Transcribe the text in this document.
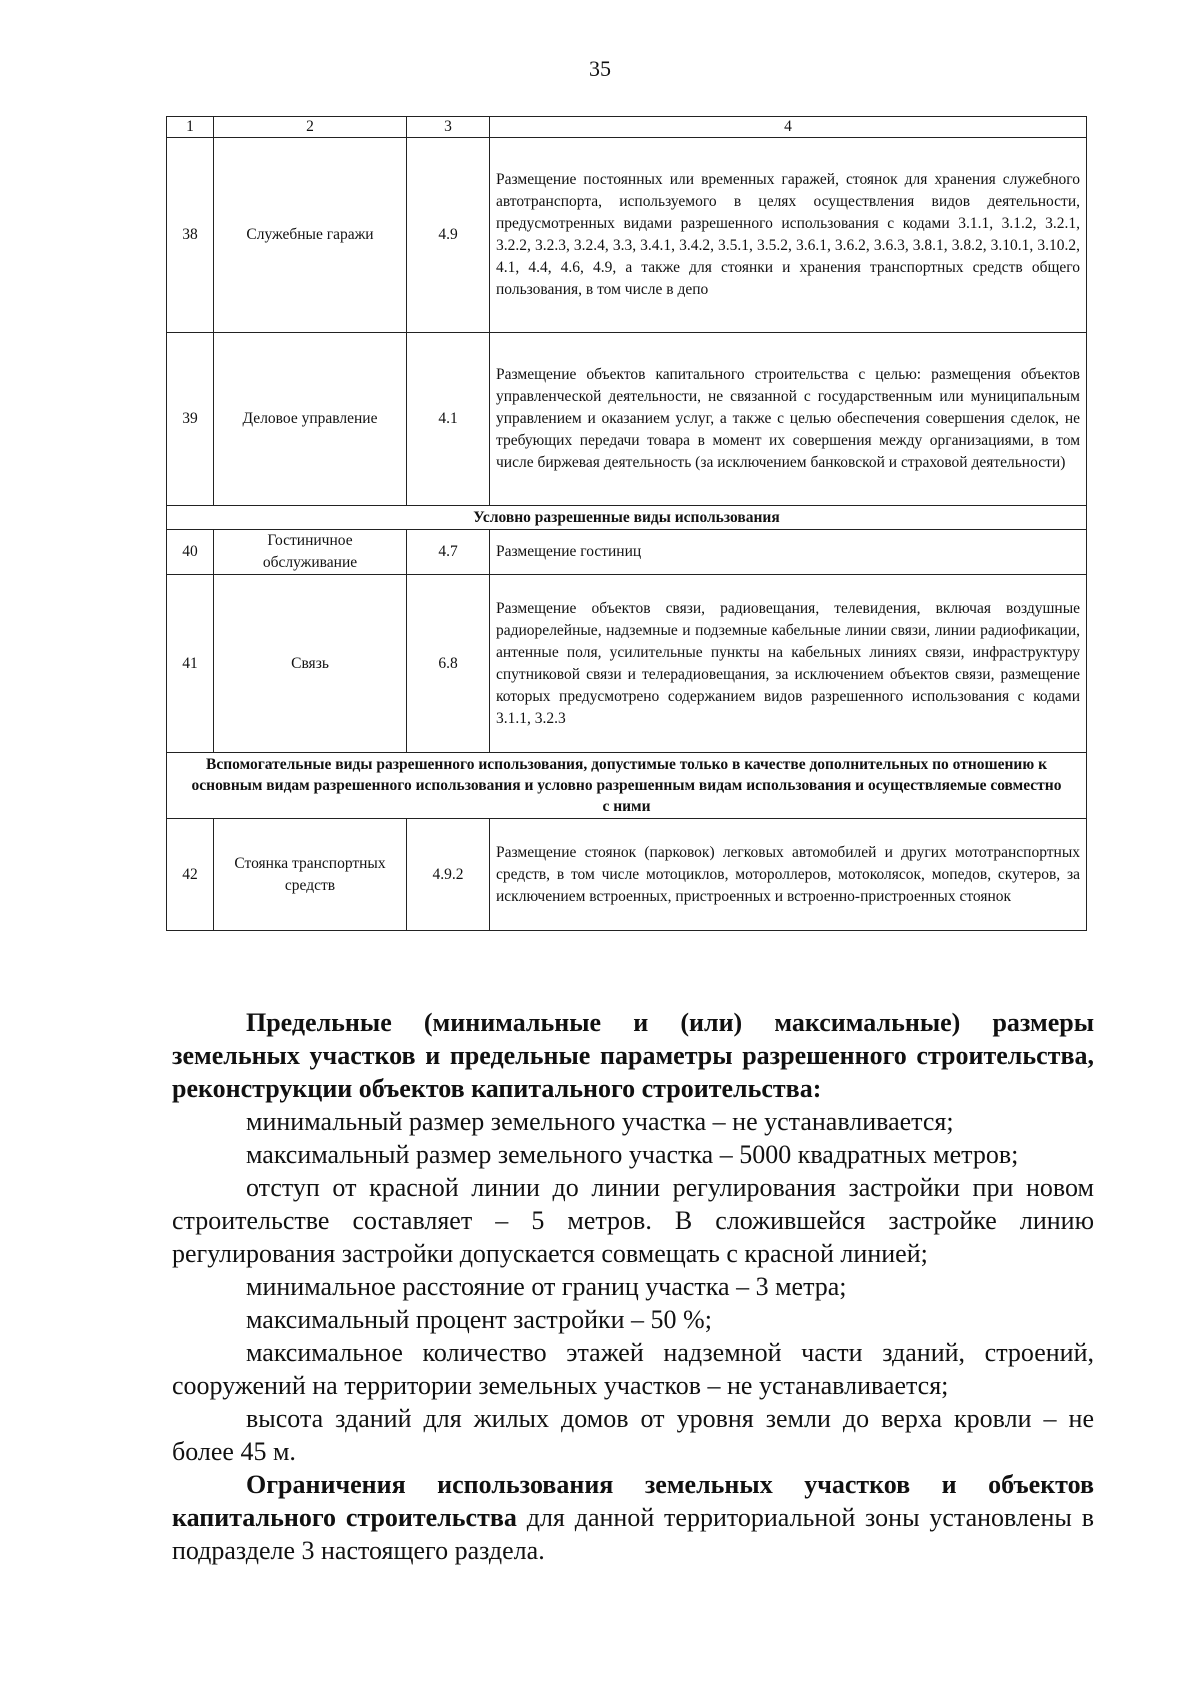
35
1	2	3	4
38	Служебные гаражи	4.9	Размещение постоянных или временных гаражей, стоянок для хранения служебного автотранспорта, используемого в целях осуществления видов деятельности, предусмотренных видами разрешенного использования с кодами 3.1.1, 3.1.2, 3.2.1, 3.2.2, 3.2.3, 3.2.4, 3.3, 3.4.1, 3.4.2, 3.5.1, 3.5.2, 3.6.1, 3.6.2, 3.6.3, 3.8.1, 3.8.2, 3.10.1, 3.10.2, 4.1, 4.4, 4.6, 4.9, а также для стоянки и хранения транспортных средств общего пользования, в том числе в депо
39	Деловое управление	4.1	Размещение объектов капитального строительства с целью: размещения объектов управленческой деятельности, не связанной с государственным или муниципальным управлением и оказанием услуг, а также с целью обеспечения совершения сделок, не требующих передачи товара в момент их совершения между организациями, в том числе биржевая деятельность (за исключением банковской и страховой деятельности)
Условно разрешенные виды использования			
40	Гостиничное обслуживание	4.7	Размещение гостиниц
41	Связь	6.8	Размещение объектов связи, радиовещания, телевидения, включая воздушные радиорелейные, надземные и подземные кабельные линии связи, линии радиофикации, антенные поля, усилительные пункты на кабельных линиях связи, инфраструктуру спутниковой связи и телерадиовещания, за исключением объектов связи, размещение которых предусмотрено содержанием видов разрешенного использования с кодами 3.1.1, 3.2.3
Вспомогательные виды разрешенного использования, допустимые только в качестве дополнительных по отношению к основным видам разрешенного использования и условно разрешенным видам использования и осуществляемые совместно с ними			
42	Стоянка транспортных средств	4.9.2	Размещение стоянок (парковок) легковых автомобилей и других мототранспортных средств, в том числе мотоциклов, мотороллеров, мотоколясок, мопедов, скутеров, за исключением встроенных, пристроенных и встроенно-пристроенных стоянок

Предельные (минимальные и (или) максимальные) размеры земельных участков и предельные параметры разрешенного строительства, реконструкции объектов капитального строительства:

минимальный размер земельного участка – не устанавливается;

максимальный размер земельного участка – 5000 квадратных метров;

отступ от красной линии до линии регулирования застройки при новом строительстве составляет – 5 метров. В сложившейся застройке линию регулирования застройки допускается совмещать с красной линией;

минимальное расстояние от границ участка – 3 метра;

максимальный процент застройки – 50 %;

максимальное количество этажей надземной части зданий, строений, сооружений на территории земельных участков – не устанавливается;

высота зданий для жилых домов от уровня земли до верха кровли – не более 45 м.

Ограничения использования земельных участков и объектов капитального строительства для данной территориальной зоны установлены в подразделе 3 настоящего раздела.
